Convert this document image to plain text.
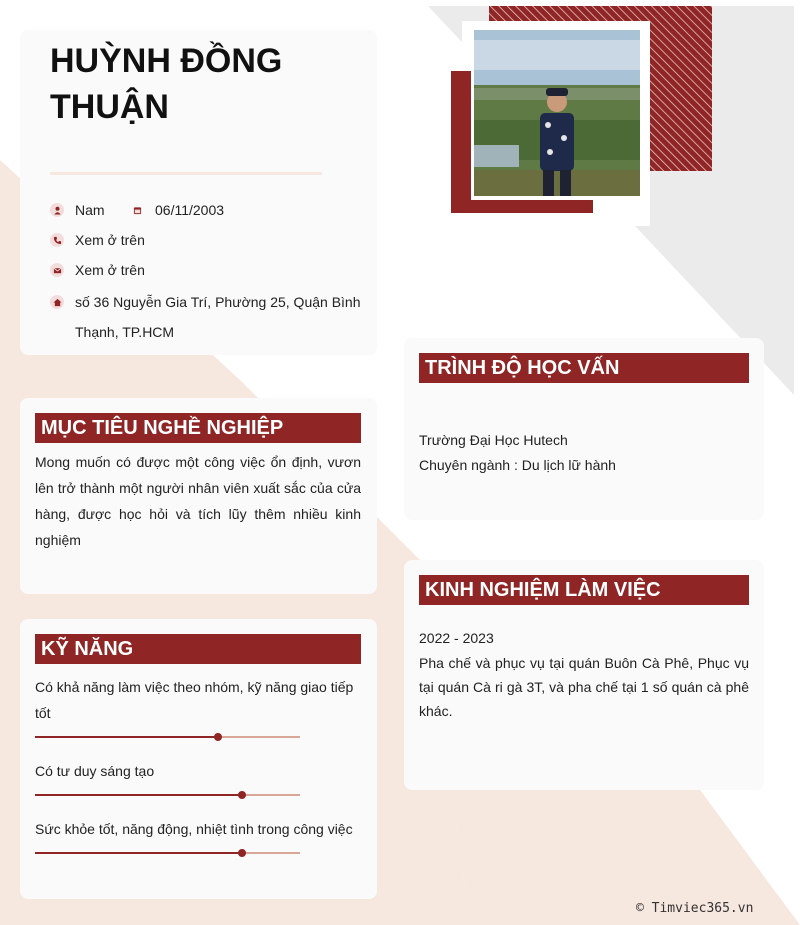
HUỲNH ĐỒNG
THUẬN
Nam	06/11/2003
Xem ở trên
Xem ở trên
số 36 Nguyễn Gia Trí, Phường 25, Quận Bình
Thạnh, TP.HCM
MỤC TIÊU NGHỀ NGHIỆP
Mong muốn có được một công việc ổn định, vươn lên trở thành một người nhân viên xuất sắc của cửa hàng, được học hỏi và tích lũy thêm nhiều kinh nghiệm
KỸ NĂNG
Có khả năng làm việc theo nhóm, kỹ năng giao tiếp tốt
Có tư duy sáng tạo
Sức khỏe tốt, năng động, nhiệt tình trong công việc
TRÌNH ĐỘ HỌC VẤN
Trường Đại Học Hutech
Chuyên ngành : Du lịch lữ hành
KINH NGHIỆM LÀM VIỆC
2022 - 2023
Pha chế và phục vụ tại quán Buôn Cà Phê, Phục vụ tại quán Cà ri gà 3T, và pha chế tại 1 số quán cà phê khác.
© Timviec365.vn
